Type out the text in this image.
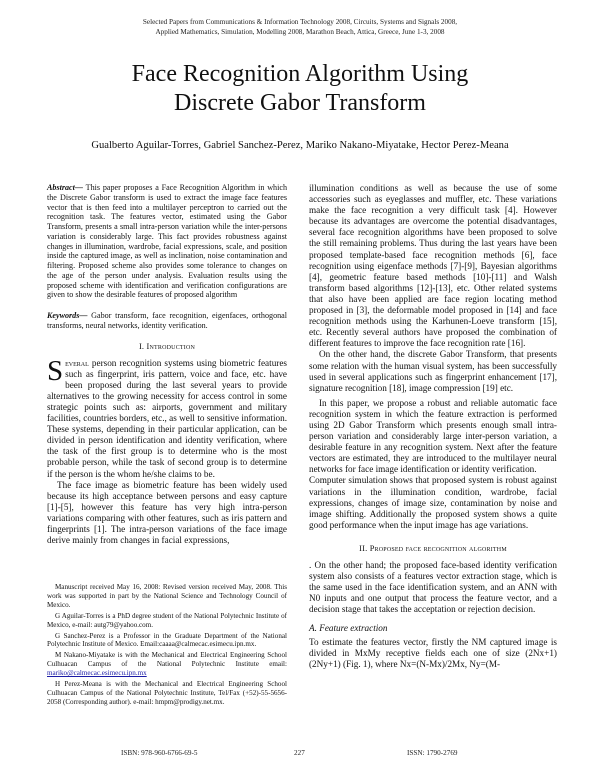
Selected Papers from Communications & Information Technology 2008, Circuits, Systems and Signals 2008,
Applied Mathematics, Simulation, Modelling 2008, Marathon Beach, Attica, Greece, June 1-3, 2008
Face Recognition Algorithm Using
Discrete Gabor Transform
Gualberto Aguilar-Torres, Gabriel Sanchez-Perez, Mariko Nakano-Miyatake, Hector Perez-Meana

Abstract— This paper proposes a Face Recognition Algorithm in which the Discrete Gabor transform is used to extract the image face features vector that is then feed into a multilayer perceptron to carried out the recognition task. The features vector, estimated using the Gabor Transform, presents a small intra-person variation while the inter-persons variation is considerably large. This fact provides robustness against changes in illumination, wardrobe, facial expressions, scale, and position inside the captured image, as well as inclination, noise contamination and filtering. Proposed scheme also provides some tolerance to changes on the age of the person under analysis. Evaluation results using the proposed scheme with identification and verification configurations are given to show the desirable features of proposed algorithm

Keywords— Gabor transform, face recognition, eigenfaces, orthogonal transforms, neural networks, identity verification.

I. Introduction

Several person recognition systems using biometric features such as fingerprint, iris pattern, voice and face, etc. have been proposed during the last several years to provide alternatives to the growing necessity for access control in some strategic points such as: airports, government and military facilities, countries borders, etc., as well to sensitive information. These systems, depending in their particular application, can be divided in person identification and identity verification, where the task of the first group is to determine who is the most probable person, while the task of second group is to determine if the person is the whom he/she claims to be.

The face image as biometric feature has been widely used because its high acceptance between persons and easy capture [1]-[5], however this feature has very high intra-person variations comparing with other features, such as iris pattern and fingerprints [1]. The intra-person variations of the face image derive mainly from changes in facial expressions,

Manuscript received May 16, 2008: Revised version received May, 2008. This work was supported in part by the National Science and Technology Council of Mexico.

G Aguilar-Torres is a PhD degree student of the National Polytechnic Institute of Mexico, e-mail: autg79@yahoo.com.

G Sanchez-Perez is a Professor in the Graduate Department of the National Polytechnic Institute of Mexico. Email:caaaa@calmecac.esimecu.ipn.mx.

M Nakano-Miyatake is with the Mechanical and Electrical Engineering School Culhuacan Campus of the National Polytechnic Institute email: mariko@calmecac.esimecu.ipn.mx

H Perez-Meana is with the Mechanical and Electrical Engineering School Culhuacan Campus of the National Polytechnic Institute, Tel/Fax (+52)-55-5656-2058 (Corresponding author). e-mail: hmpm@prodigy.net.mx.

illumination conditions as well as because the use of some accessories such as eyeglasses and muffler, etc. These variations make the face recognition a very difficult task [4]. However because its advantages are overcome the potential disadvantages, several face recognition algorithms have been proposed to solve the still remaining problems. Thus during the last years have been proposed template-based face recognition methods [6], face recognition using eigenface methods [7]-[9], Bayesian algorithms [4], geometric feature based methods [10]-[11] and Walsh transform based algorithms [12]-[13], etc. Other related systems that also have been applied are face region locating method proposed in [3], the deformable model proposed in [14] and face recognition methods using the Karhunen-Loeve transform [15], etc. Recently several authors have proposed the combination of different features to improve the face recognition rate [16].

On the other hand, the discrete Gabor Transform, that presents some relation with the human visual system, has been successfully used in several applications such as fingerprint enhancement [17], signature recognition [18], image compression [19] etc.

In this paper, we propose a robust and reliable automatic face recognition system in which the feature extraction is performed using 2D Gabor Transform which presents enough small intra-person variation and considerably large inter-person variation, a desirable feature in any recognition system. Next after the feature vectors are estimated, they are introduced to the multilayer neural networks for face image identification or identity verification.

Computer simulation shows that proposed system is robust against variations in the illumination condition, wardrobe, facial expressions, changes of image size, contamination by noise and image shifting. Additionally the proposed system shows a quite good performance when the input image has age variations.

II. Proposed face recognition algorithm

. On the other hand; the proposed face-based identity verification system also consists of a features vector extraction stage, which is the same used in the face identification system, and an ANN with N0 inputs and one output that process the feature vector, and a decision stage that takes the acceptation or rejection decision.

A. Feature extraction

To estimate the features vector, firstly the NM captured image is divided in MxMy receptive fields each one of size (2Nx+1)(2Ny+1) (Fig. 1), where Nx=(N-Mx)/2Mx, Ny=(M-

ISBN: 978-960-6766-69-5	227	ISSN: 1790-2769
